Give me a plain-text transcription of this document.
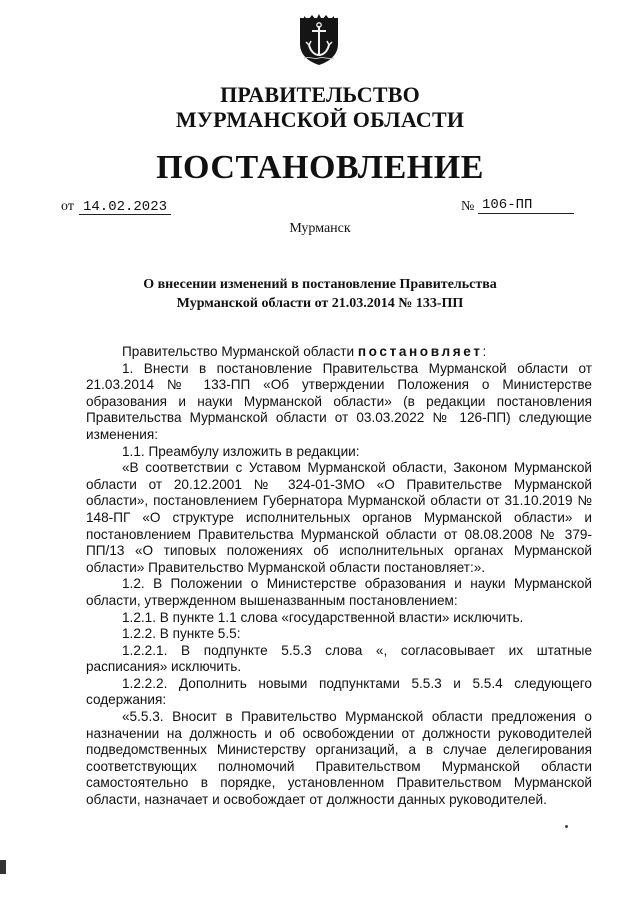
ПРАВИТЕЛЬСТВО
МУРМАНСКОЙ ОБЛАСТИ
ПОСТАНОВЛЕНИЕ
от 14.02.2023	№ 106-ПП
Мурманск
О внесении изменений в постановление Правительства
Мурманской области от 21.03.2014 № 133-ПП

Правительство Мурманской области постановляет:

1. Внести в постановление Правительства Мурманской области от 21.03.2014 № 133-ПП «Об утверждении Положения о Министерстве образования и науки Мурманской области» (в редакции постановления Правительства Мурманской области от 03.03.2022 № 126-ПП) следующие изменения:

1.1. Преамбулу изложить в редакции:

«В соответствии с Уставом Мурманской области, Законом Мурманской области от 20.12.2001 № 324-01-ЗМО «О Правительстве Мурманской области», постановлением Губернатора Мурманской области от 31.10.2019 № 148-ПГ «О структуре исполнительных органов Мурманской области» и постановлением Правительства Мурманской области от 08.08.2008 № 379-ПП/13 «О типовых положениях об исполнительных органах Мурманской области» Правительство Мурманской области постановляет:».

1.2. В Положении о Министерстве образования и науки Мурманской области, утвержденном вышеназванным постановлением:

1.2.1. В пункте 1.1 слова «государственной власти» исключить.

1.2.2. В пункте 5.5:

1.2.2.1. В подпункте 5.5.3 слова «, согласовывает их штатные расписания» исключить.

1.2.2.2. Дополнить новыми подпунктами 5.5.3 и 5.5.4 следующего содержания:

«5.5.3. Вносит в Правительство Мурманской области предложения о назначении на должность и об освобождении от должности руководителей подведомственных Министерству организаций, а в случае делегирования соответствующих полномочий Правительством Мурманской области самостоятельно в порядке, установленном Правительством Мурманской области, назначает и освобождает от должности данных руководителей.
